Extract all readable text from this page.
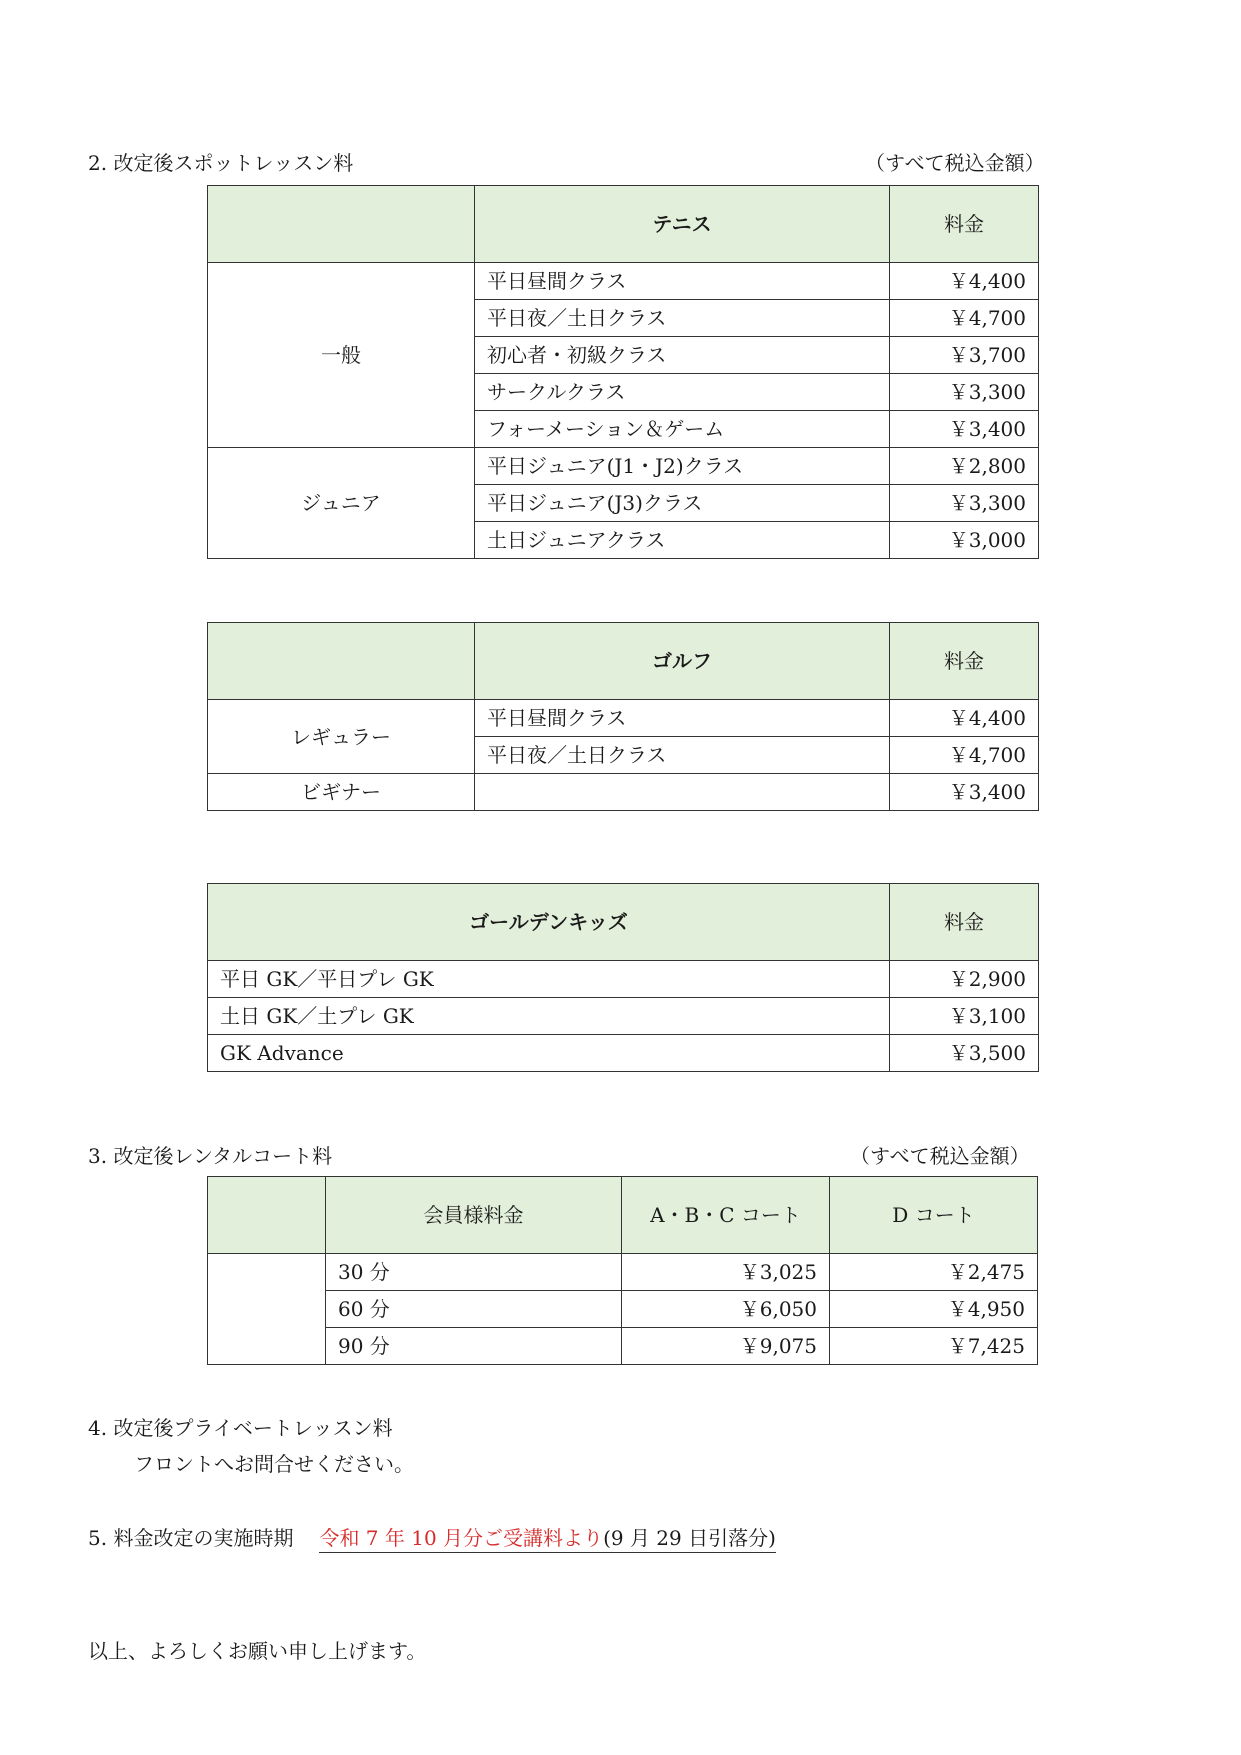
2. 改定後スポットレッスン料	（すべて税込金額）
	テニス	料金
一般	平日昼間クラス	￥4,400
	平日夜／土日クラス	￥4,700
	初心者・初級クラス	￥3,700
	サークルクラス	￥3,300
	フォーメーション＆ゲーム	￥3,400
ジュニア	平日ジュニア(J1・J2)クラス	￥2,800
	平日ジュニア(J3)クラス	￥3,300
	土日ジュニアクラス	￥3,000
	ゴルフ	料金
レギュラー	平日昼間クラス	￥4,400
	平日夜／土日クラス	￥4,700
ビギナー		￥3,400
ゴールデンキッズ	料金
平日 GK／平日プレ GK	￥2,900
土日 GK／土プレ GK	￥3,100
GK Advance	￥3,500
3. 改定後レンタルコート料	（すべて税込金額）
	会員様料金	A・B・C コート	D コート
	30 分	￥3,025	￥2,475
	60 分	￥6,050	￥4,950
	90 分	￥9,075	￥7,425
4. 改定後プライベートレッスン料
フロントへお問合せください。
5. 料金改定の実施時期 令和 7 年 10 月分ご受講料より(9 月 29 日引落分)
以上、よろしくお願い申し上げます。
